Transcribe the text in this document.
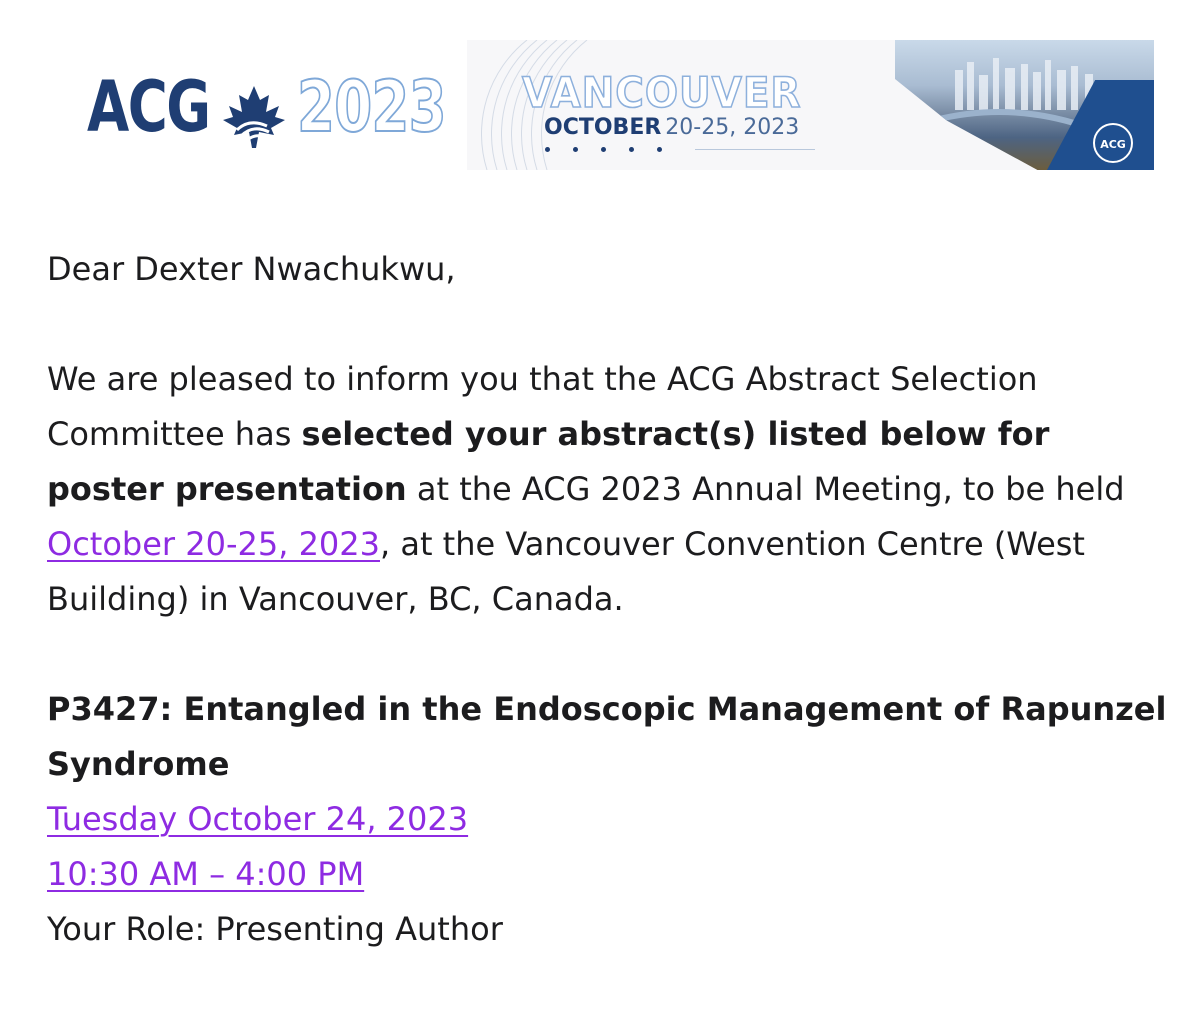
ACG 2023 VANCOUVER
OCTOBER 20-25, 2023
ACG

Dear Dexter Nwachukwu,

We are pleased to inform you that the ACG Abstract Selection Committee has selected your abstract(s) listed below for poster presentation at the ACG 2023 Annual Meeting, to be held October 20-25, 2023, at the Vancouver Convention Centre (West Building) in Vancouver, BC, Canada.

P3427: Entangled in the Endoscopic Management of Rapunzel Syndrome

Tuesday October 24, 2023

10:30 AM – 4:00 PM

Your Role: Presenting Author
